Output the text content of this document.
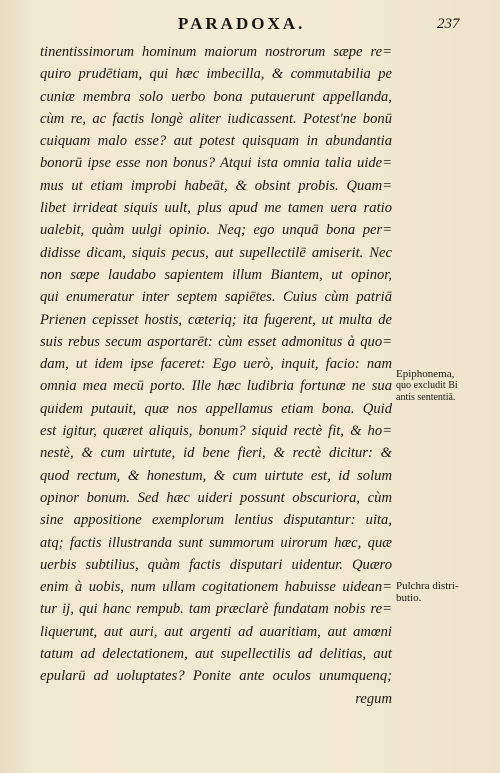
PARADOXA.	237
tinentissimorum hominum maiorum nostrorum sæpe re=
quiro prudētiam, qui hæc imbecilla, & commutabilia pe
cuniæ membra solo uerbo bona putauerunt appellanda,
cùm re, ac factis longè aliter iudicassent. Potest'ne bonū
cuiquam malo esse? aut potest quisquam in abundantia
bonorū ipse esse non bonus? Atqui ista omnia talia uide=
mus ut etiam improbi habeāt, & obsint probis. Quam=
libet irrideat siquis uult, plus apud me tamen uera ratio
ualebit, quàm uulgi opinio. Neq; ego unquā bona per=
didisse dicam, siquis pecus, aut supellectilē amiserit. Nec
non sæpe laudabo sapientem illum Biantem, ut opinor,
qui enumeratur inter septem sapiētes. Cuius cùm patriā
Prienen cepisset hostis, cæteriq; ita fugerent, ut multa de
suis rebus secum asportarēt: cùm esset admonitus à quo=
dam, ut idem ipse faceret: Ego uerò, inquit, facio: nam
omnia mea mecū porto. Ille hæc ludibria fortunæ ne sua
quidem putauit, quæ nos appellamus etiam bona. Quid
est igitur, quæret aliquis, bonum? siquid rectè fit, & ho=
nestè, & cum uirtute, id bene fieri, & rectè dicitur: &
quod rectum, & honestum, & cum uirtute est, id solum
opinor bonum. Sed hæc uideri possunt obscuriora, cùm
sine appositione exemplorum lentius disputantur: uita,
atq; factis illustranda sunt summorum uirorum hæc, quæ
uerbis subtilius, quàm factis disputari uidentur. Quæro
enim à uobis, num ullam cogitationem habuisse uidean=
tur ij, qui hanc rempub. tam præclarè fundatam nobis re=
liquerunt, aut auri, aut argenti ad auaritiam, aut amœni
tatum ad delectationem, aut supellectilis ad delitias, aut
epularū ad uoluptates? Ponite ante oculos unumquenq;
regum
Epiphonema,
quo excludit Bi
antis sententiā.
Pulchra distri-
butio.
